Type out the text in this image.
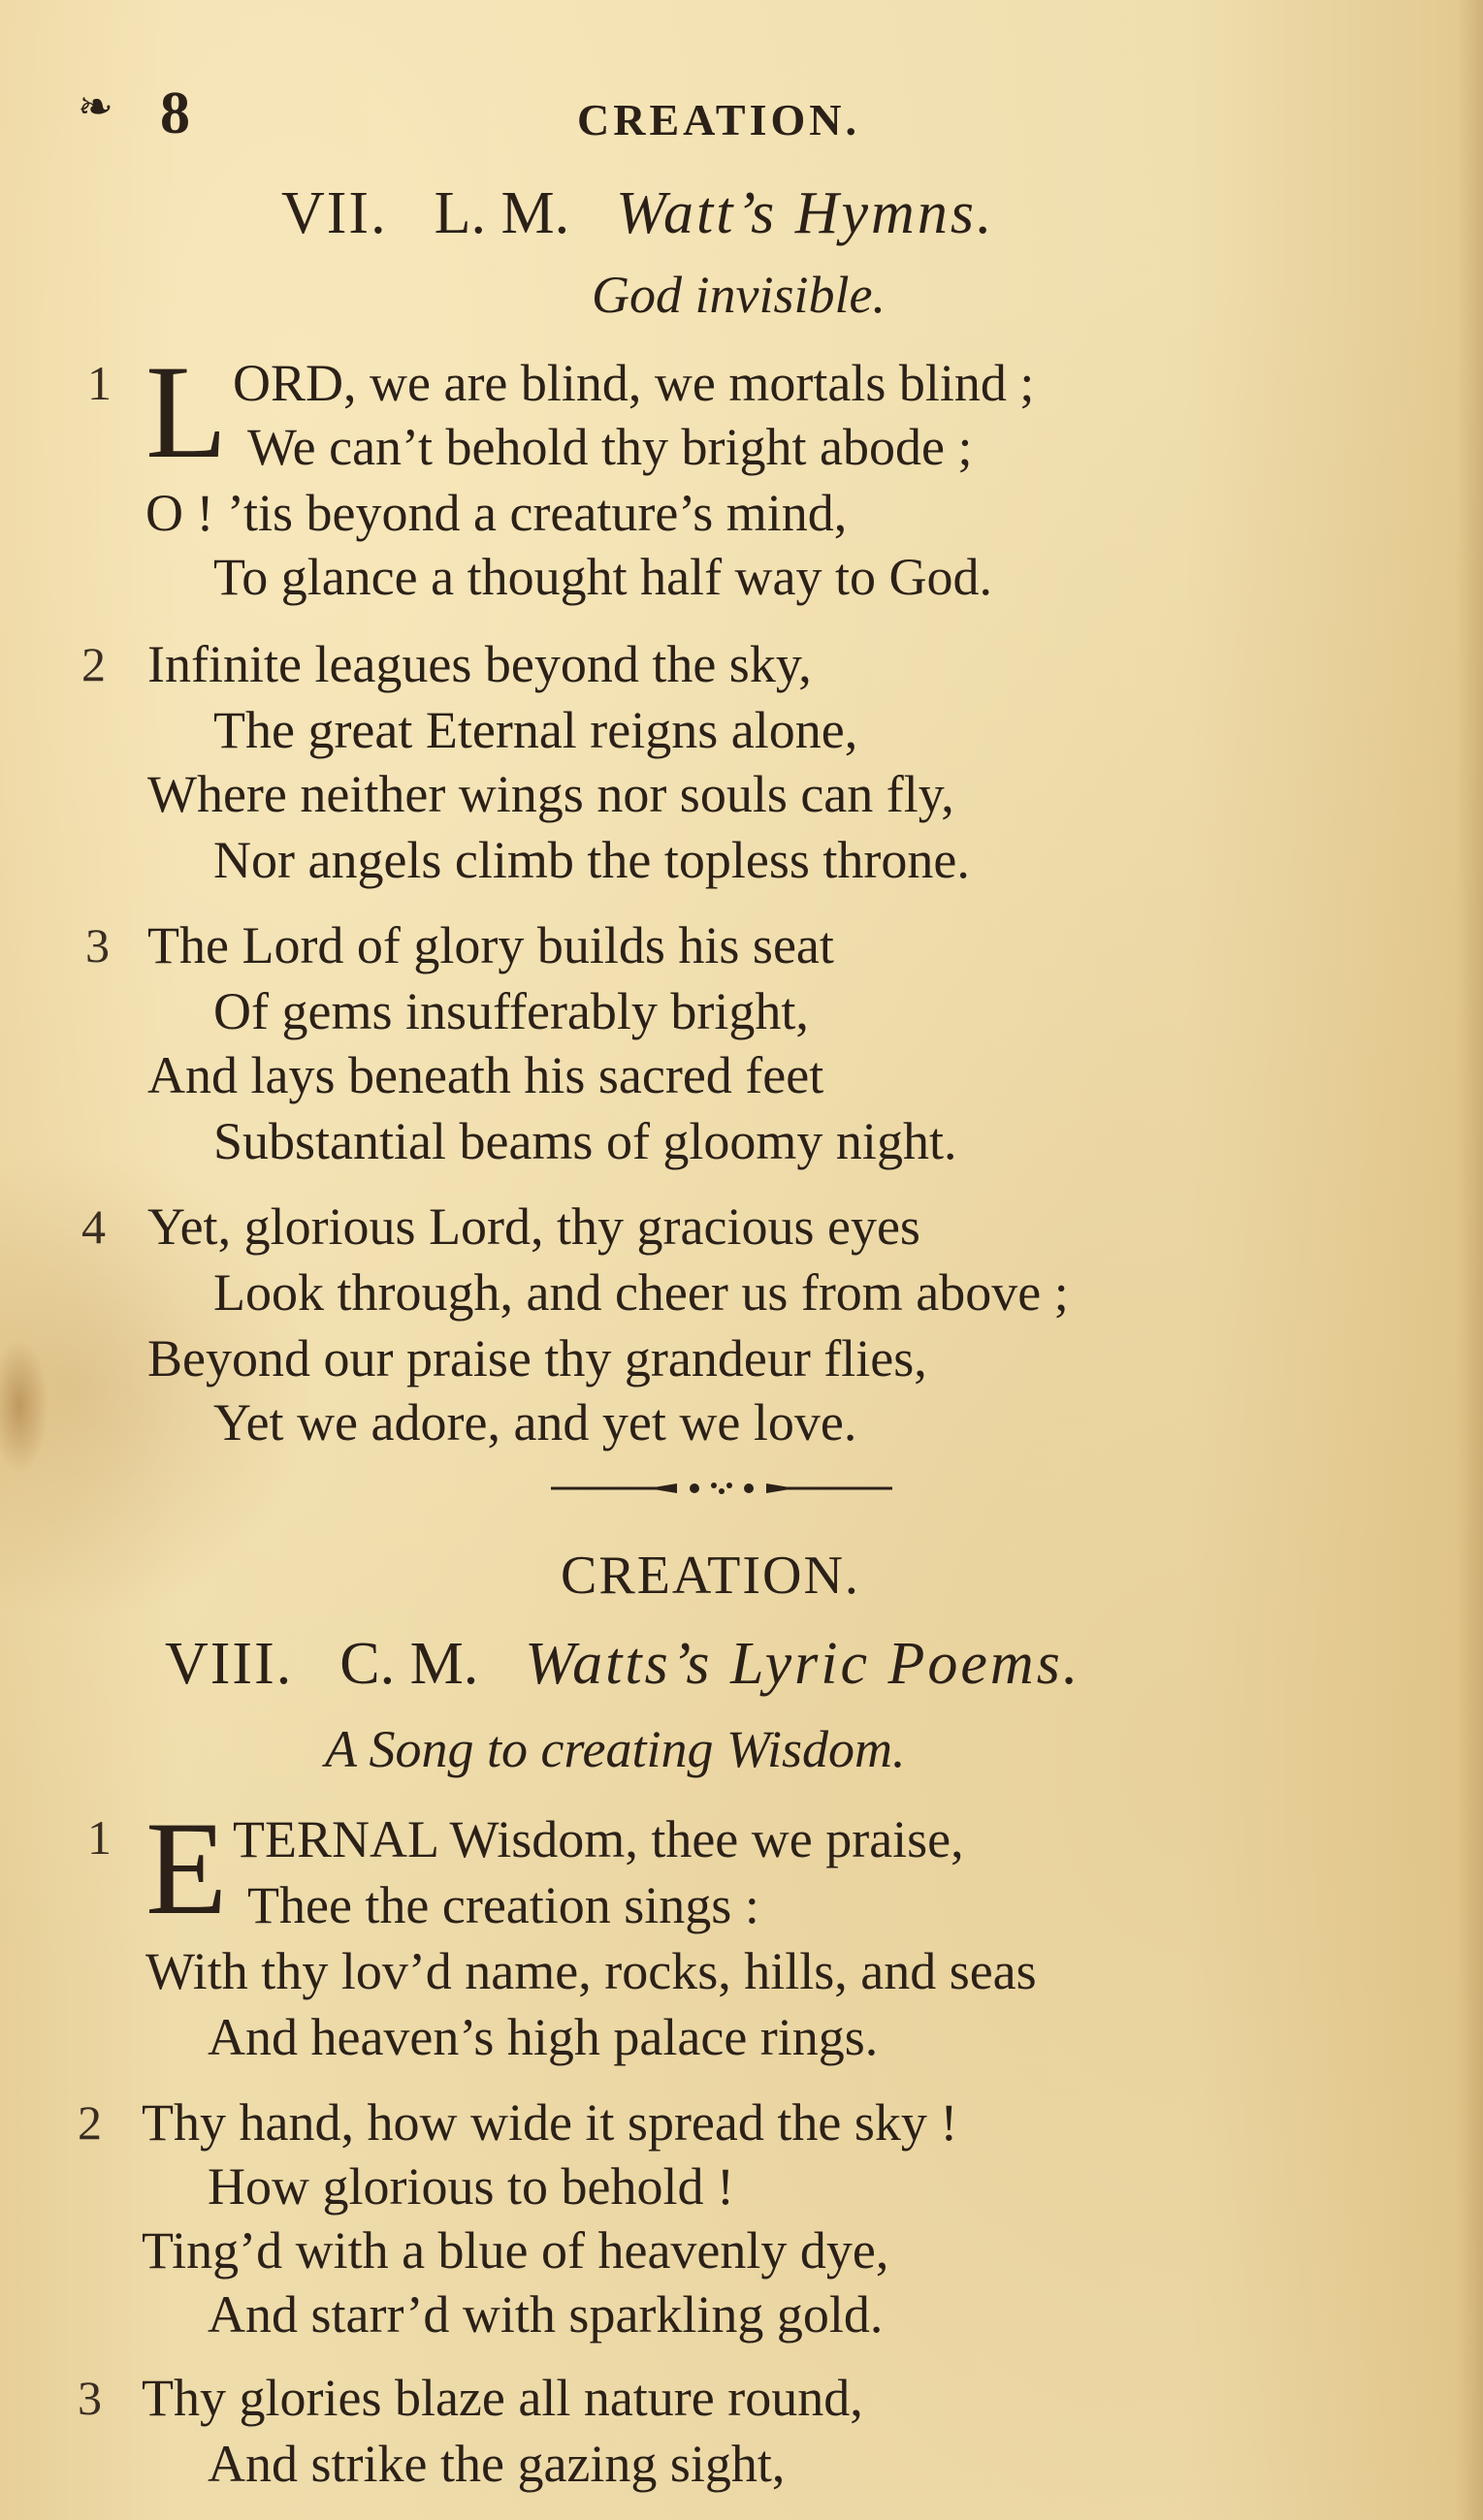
❧ 8	CREATION.
VII. L. M. Watt’s Hymns.
God invisible.
1 L ORD, we are blind, we mortals blind ;
We can’t behold thy bright abode ;
O ! ’tis beyond a creature’s mind,
To glance a thought half way to God.
2 Infinite leagues beyond the sky,
The great Eternal reigns alone,
Where neither wings nor souls can fly,
Nor angels climb the topless throne.
3 The Lord of glory builds his seat
Of gems insufferably bright,
And lays beneath his sacred feet
Substantial beams of gloomy night.
4 Yet, glorious Lord, thy gracious eyes
Look through, and cheer us from above ;
Beyond our praise thy grandeur flies,
Yet we adore, and yet we love.
CREATION.
VIII. C. M. Watts’s Lyric Poems.
A Song to creating Wisdom.
1 E TERNAL Wisdom, thee we praise,
Thee the creation sings :
With thy lov’d name, rocks, hills, and seas
And heaven’s high palace rings.
2 Thy hand, how wide it spread the sky !
How glorious to behold !
Ting’d with a blue of heavenly dye,
And starr’d with sparkling gold.
3 Thy glories blaze all nature round,
And strike the gazing sight,
